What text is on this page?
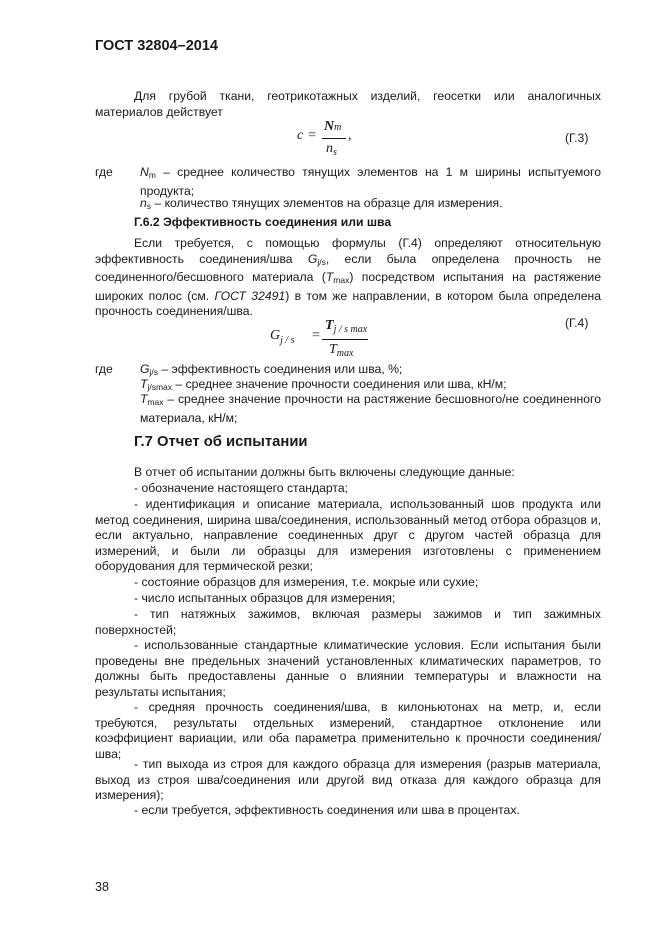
ГОСТ 32804–2014

Для грубой ткани, геотрикотажных изделий, геосетки или аналогичных материалов действует

c =
Nm
$n_s$
,	(Г.3)
где $N_m$ – среднее количество тянущих элементов на 1 м ширины испытуемого продукта;

$n_s$ – количество тянущих элементов на образце для измерения.

Г.6.2 Эффективность соединения или шва

Если требуется, с помощью формулы (Г.4) определяют относительную эффективность соединения/шва $G_{j/s}$, если была определена прочность не соединенного/бесшовного материала $(T_{max})$ посредством испытания на растяжение широких полос (см. ГОСТ 32491) в том же направлении, в котором была определена прочность соединения/шва.

$G_{j / s}$ =
$T_{j / s max}$
$T_{max}$
(Г.4)
где $G_{j/s}$ – эффективность соединения или шва, %;

$T_{j/smax}$ – среднее значение прочности соединения или шва, кН/м;

$T_{max}$ – среднее значение прочности на растяжение бесшовного/не соединенного материала, кН/м;

Г.7 Отчет об испытании

В отчет об испытании должны быть включены следующие данные:

- обозначение настоящего стандарта;

- идентификация и описание материала, использованный шов продукта или метод соединения, ширина шва/соединения, использованный метод отбора образцов и, если актуально, направление соединенных друг с другом частей образца для измерений, и были ли образцы для измерения изготовлены с применением оборудования для термической резки;

- состояние образцов для измерения, т.е. мокрые или сухие;

- число испытанных образцов для измерения;

- тип натяжных зажимов, включая размеры зажимов и тип зажимных поверхностей;

- использованные стандартные климатические условия. Если испытания были проведены вне предельных значений установленных климатических параметров, то должны быть предоставлены данные о влиянии температуры и влажности на результаты испытания;

- средняя прочность соединения/шва, в килоньютонах на метр, и, если требуются, результаты отдельных измерений, стандартное отклонение или коэффициент вариации, или оба параметра применительно к прочности соединения/шва;

- тип выхода из строя для каждого образца для измерения (разрыв материала, выход из строя шва/соединения или другой вид отказа для каждого образца для измерения);

- если требуется, эффективность соединения или шва в процентах.

38
